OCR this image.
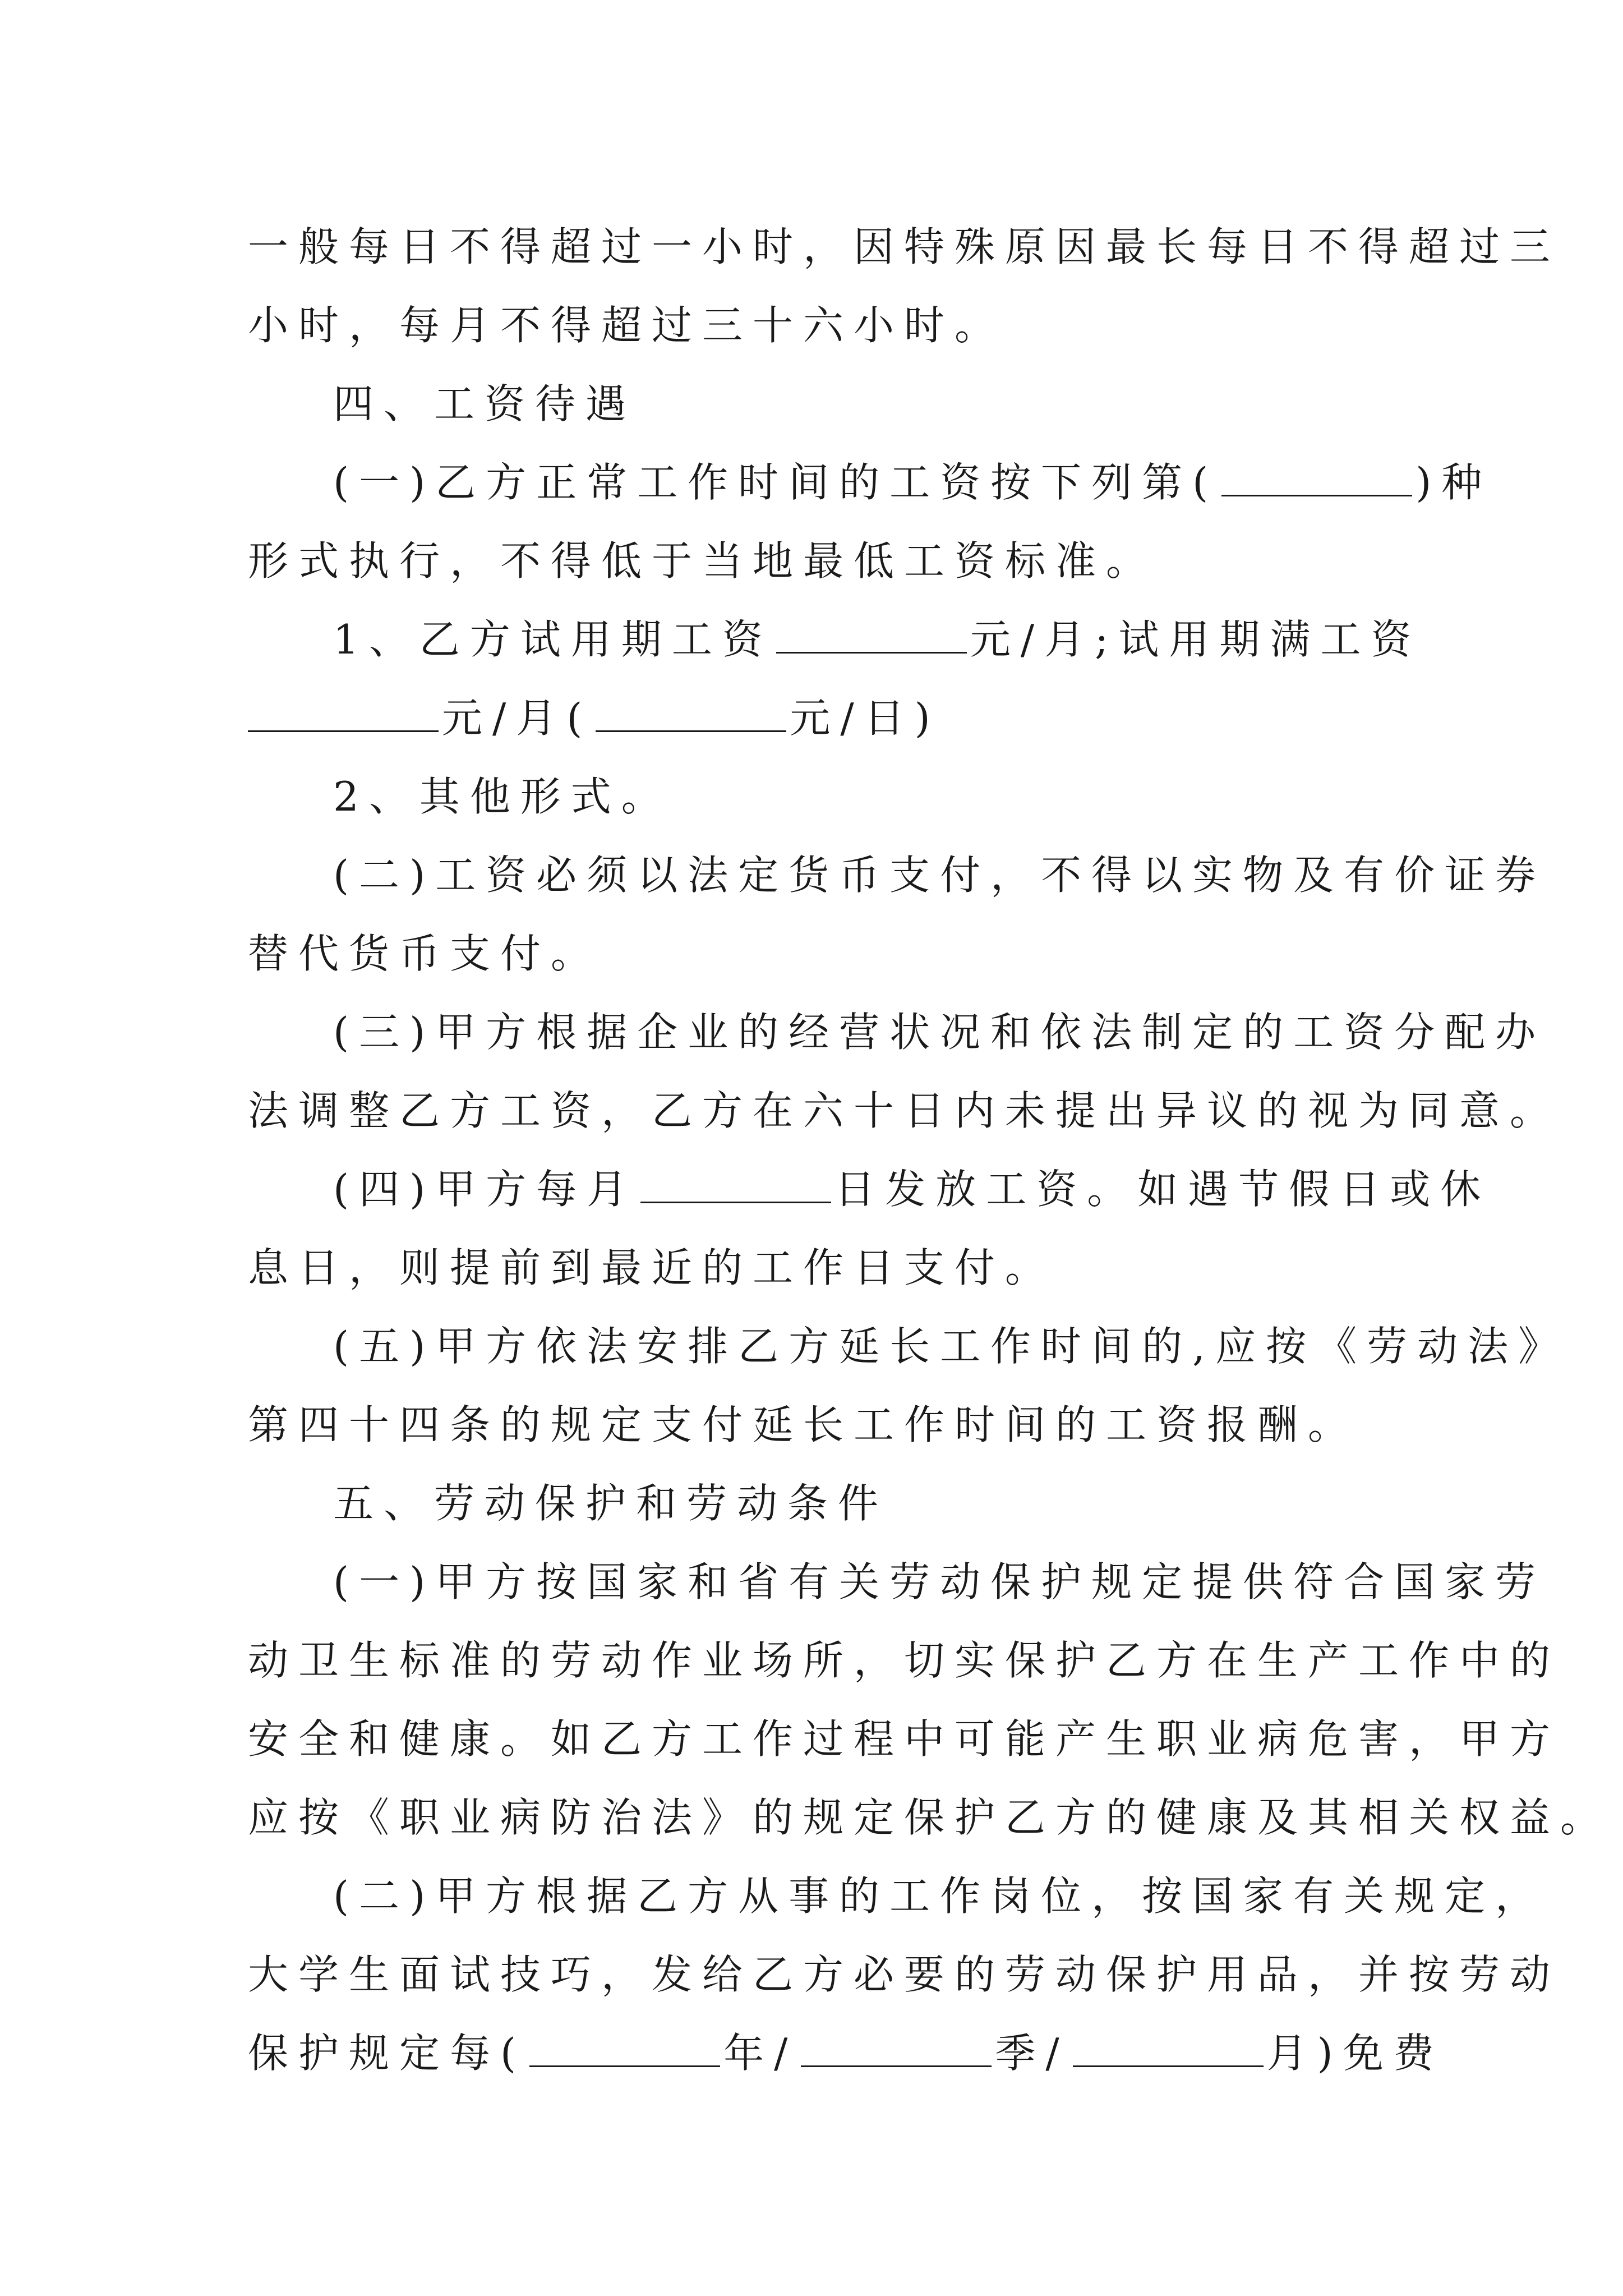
一般每日不得超过一小时，因特殊原因最长每日不得超过三
小时，每月不得超过三十六小时。
四、工资待遇
(一)乙方正常工作时间的工资按下列第(	)种
形式执行，不得低于当地最低工资标准。
1、乙方试用期工资	元/月;试用期满工资
元/月(	元/日)
2、其他形式。
(二)工资必须以法定货币支付，不得以实物及有价证券
替代货币支付。
(三)甲方根据企业的经营状况和依法制定的工资分配办
法调整乙方工资，乙方在六十日内未提出异议的视为同意。
(四)甲方每月	日发放工资。如遇节假日或休
息日，则提前到最近的工作日支付。
(五)甲方依法安排乙方延长工作时间的,应按《劳动法》
第四十四条的规定支付延长工作时间的工资报酬。
五、劳动保护和劳动条件
(一)甲方按国家和省有关劳动保护规定提供符合国家劳
动卫生标准的劳动作业场所，切实保护乙方在生产工作中的
安全和健康。如乙方工作过程中可能产生职业病危害，甲方
应按《职业病防治法》的规定保护乙方的健康及其相关权益。
(二)甲方根据乙方从事的工作岗位，按国家有关规定，
大学生面试技巧，发给乙方必要的劳动保护用品，并按劳动
保护规定每(	年/	季/	月)免费
